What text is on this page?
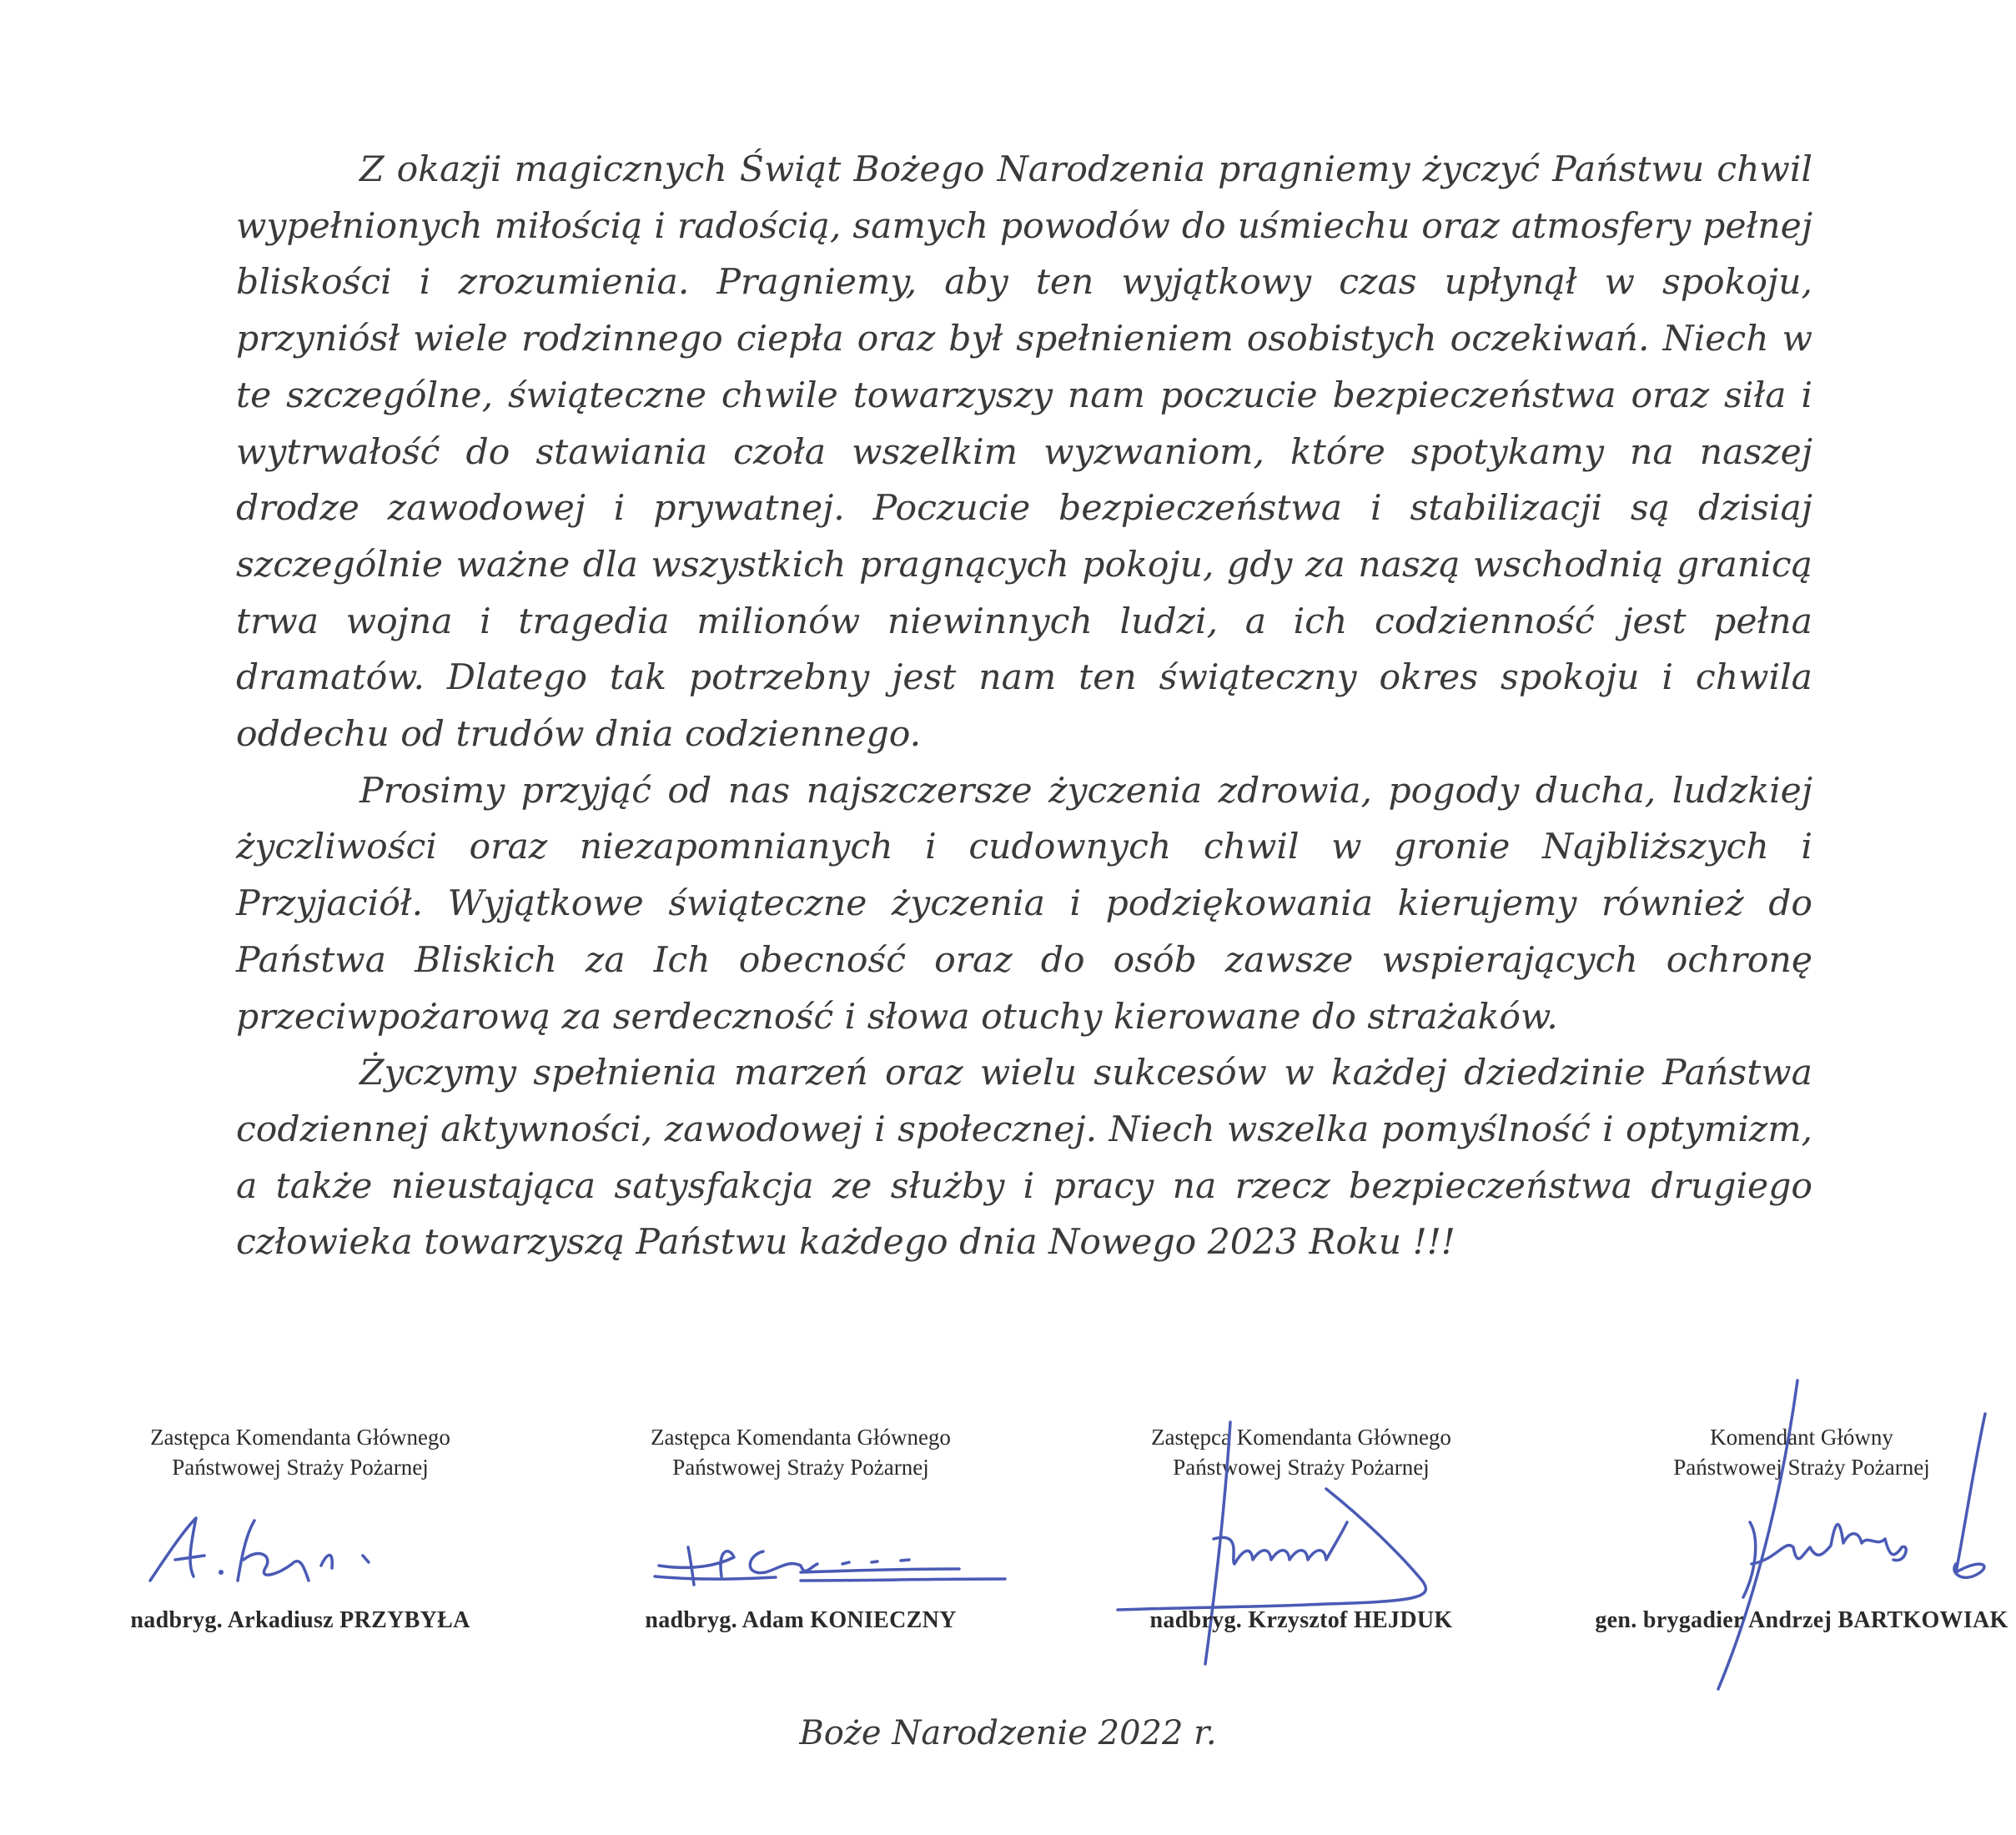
Z okazji magicznych Świąt Bożego Narodzenia pragniemy życzyć Państwu chwil wypełnionych miłością i radością, samych powodów do uśmiechu oraz atmosfery pełnej bliskości i zrozumienia. Pragniemy, aby ten wyjątkowy czas upłynął w spokoju, przyniósł wiele rodzinnego ciepła oraz był spełnieniem osobistych oczekiwań. Niech w te szczególne, świąteczne chwile towarzyszy nam poczucie bezpieczeństwa oraz siła i wytrwałość do stawiania czoła wszelkim wyzwaniom, które spotykamy na naszej drodze zawodowej i prywatnej. Poczucie bezpieczeństwa i stabilizacji są dzisiaj szczególnie ważne dla wszystkich pragnących pokoju, gdy za naszą wschodnią granicą trwa wojna i tragedia milionów niewinnych ludzi, a ich codzienność jest pełna dramatów. Dlatego tak potrzebny jest nam ten świąteczny okres spokoju i chwila oddechu od trudów dnia codziennego.

Prosimy przyjąć od nas najszczersze życzenia zdrowia, pogody ducha, ludzkiej życzliwości oraz niezapomnianych i cudownych chwil w gronie Najbliższych i Przyjaciół. Wyjątkowe świąteczne życzenia i podziękowania kierujemy również do Państwa Bliskich za Ich obecność oraz do osób zawsze wspierających ochronę przeciwpożarową za serdeczność i słowa otuchy kierowane do strażaków.

Życzymy spełnienia marzeń oraz wielu sukcesów w każdej dziedzinie Państwa codziennej aktywności, zawodowej i społecznej. Niech wszelka pomyślność i optymizm, a także nieustająca satysfakcja ze służby i pracy na rzecz bezpieczeństwa drugiego człowieka towarzyszą Państwu każdego dnia Nowego 2023 Roku !!!

Zastępca Komendanta Głównego

Państwowej Straży Pożarnej

nadbryg. Arkadiusz PRZYBYŁA

Zastępca Komendanta Głównego

Państwowej Straży Pożarnej

nadbryg. Adam KONIECZNY

Zastępca Komendanta Głównego

Państwowej Straży Pożarnej

nadbryg. Krzysztof HEJDUK

Komendant Główny

Państwowej Straży Pożarnej

gen. brygadier Andrzej BARTKOWIAK

Boże Narodzenie 2022 r.
